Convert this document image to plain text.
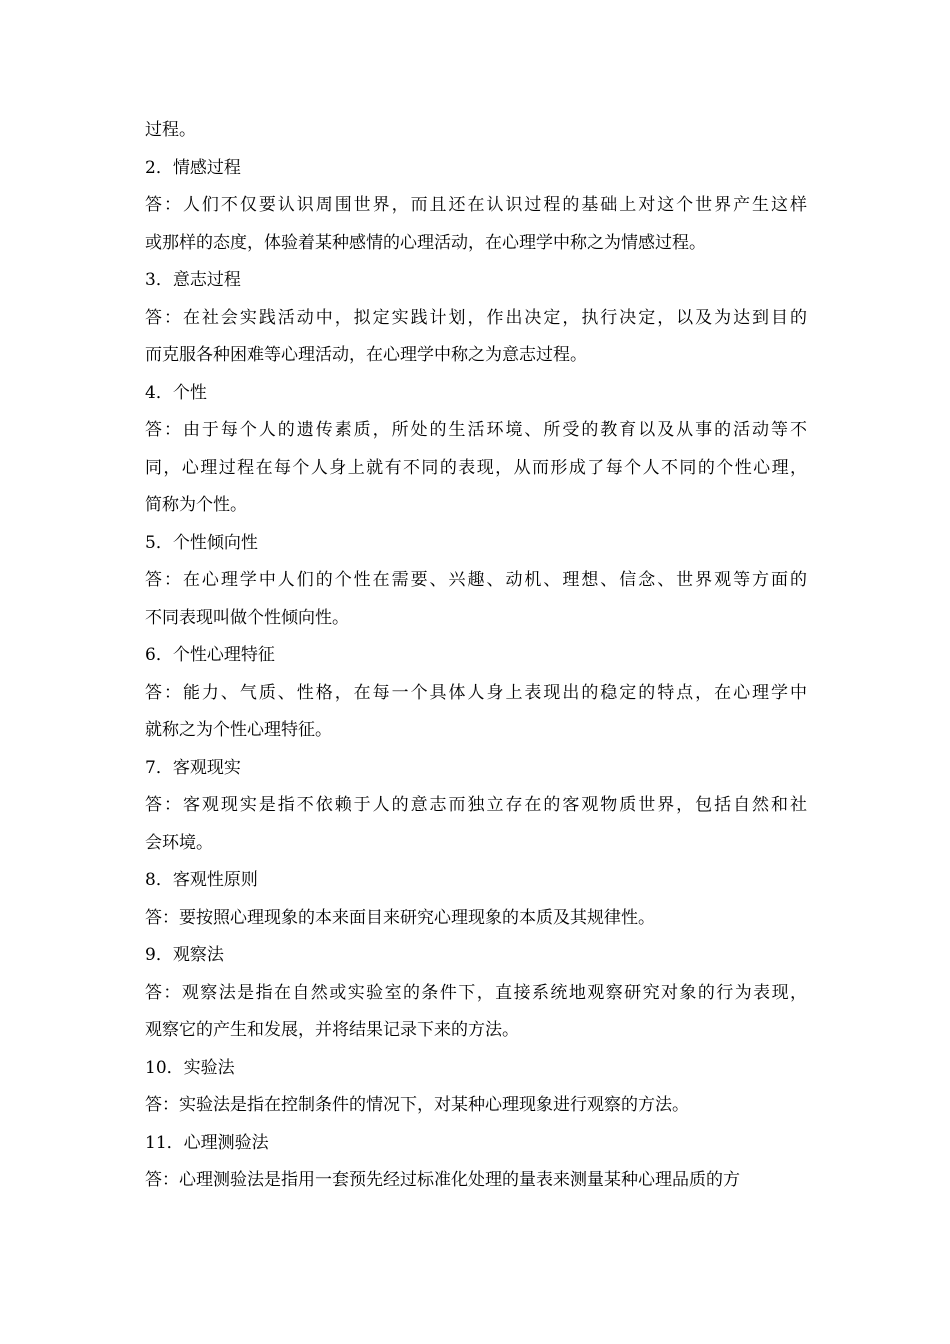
过程。
2．情感过程
答：人们不仅要认识周围世界，而且还在认识过程的基础上对这个世界产生这样
或那样的态度，体验着某种感情的心理活动，在心理学中称之为情感过程。
3．意志过程
答：在社会实践活动中，拟定实践计划，作出决定，执行决定，以及为达到目的
而克服各种困难等心理活动，在心理学中称之为意志过程。
4．个性
答：由于每个人的遗传素质，所处的生活环境、所受的教育以及从事的活动等不
同，心理过程在每个人身上就有不同的表现，从而形成了每个人不同的个性心理，
简称为个性。
5．个性倾向性
答：在心理学中人们的个性在需要、兴趣、动机、理想、信念、世界观等方面的
不同表现叫做个性倾向性。
6．个性心理特征
答：能力、气质、性格，在每一个具体人身上表现出的稳定的特点，在心理学中
就称之为个性心理特征。
7．客观现实
答：客观现实是指不依赖于人的意志而独立存在的客观物质世界，包括自然和社
会环境。
8．客观性原则
答：要按照心理现象的本来面目来研究心理现象的本质及其规律性。
9．观察法
答：观察法是指在自然或实验室的条件下，直接系统地观察研究对象的行为表现，
观察它的产生和发展，并将结果记录下来的方法。
10．实验法
答：实验法是指在控制条件的情况下，对某种心理现象进行观察的方法。
11．心理测验法
答：心理测验法是指用一套预先经过标准化处理的量表来测量某种心理品质的方
